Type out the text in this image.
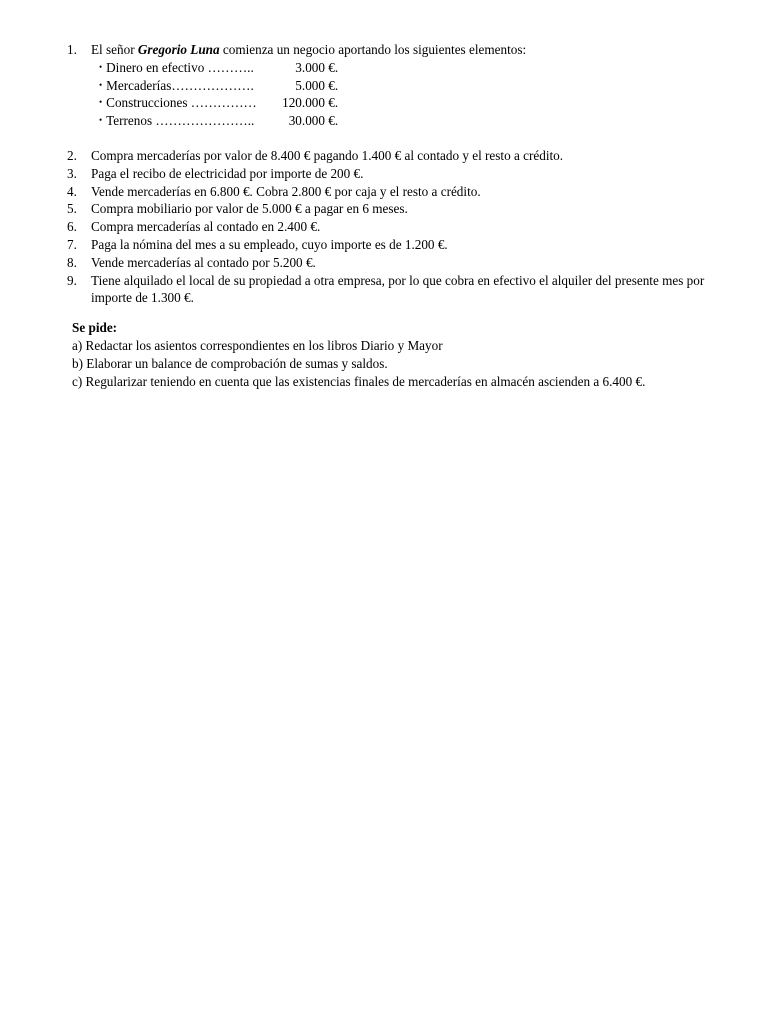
1. El señor Gregorio Luna comienza un negocio aportando los siguientes elementos:
• Dinero en efectivo ………..	3.000 €.
• Mercaderías……………….	5.000 €.
• Construcciones ……………	120.000 €.
• Terrenos …………………..	30.000 €.
2. Compra mercaderías por valor de 8.400 € pagando 1.400 € al contado y el resto a crédito.
3. Paga el recibo de electricidad por importe de 200 €.
4. Vende mercaderías en 6.800 €. Cobra 2.800 € por caja y el resto a crédito.
5. Compra mobiliario por valor de 5.000 € a pagar en 6 meses.
6. Compra mercaderías al contado en 2.400 €.
7. Paga la nómina del mes a su empleado, cuyo importe es de 1.200 €.
8. Vende mercaderías al contado por 5.200 €.
9. Tiene alquilado el local de su propiedad a otra empresa, por lo que cobra en efectivo el alquiler del presente mes por importe de 1.300 €.
Se pide:
a) Redactar los asientos correspondientes en los libros Diario y Mayor
b) Elaborar un balance de comprobación de sumas y saldos.
c) Regularizar teniendo en cuenta que las existencias finales de mercaderías en almacén ascienden a 6.400 €.
